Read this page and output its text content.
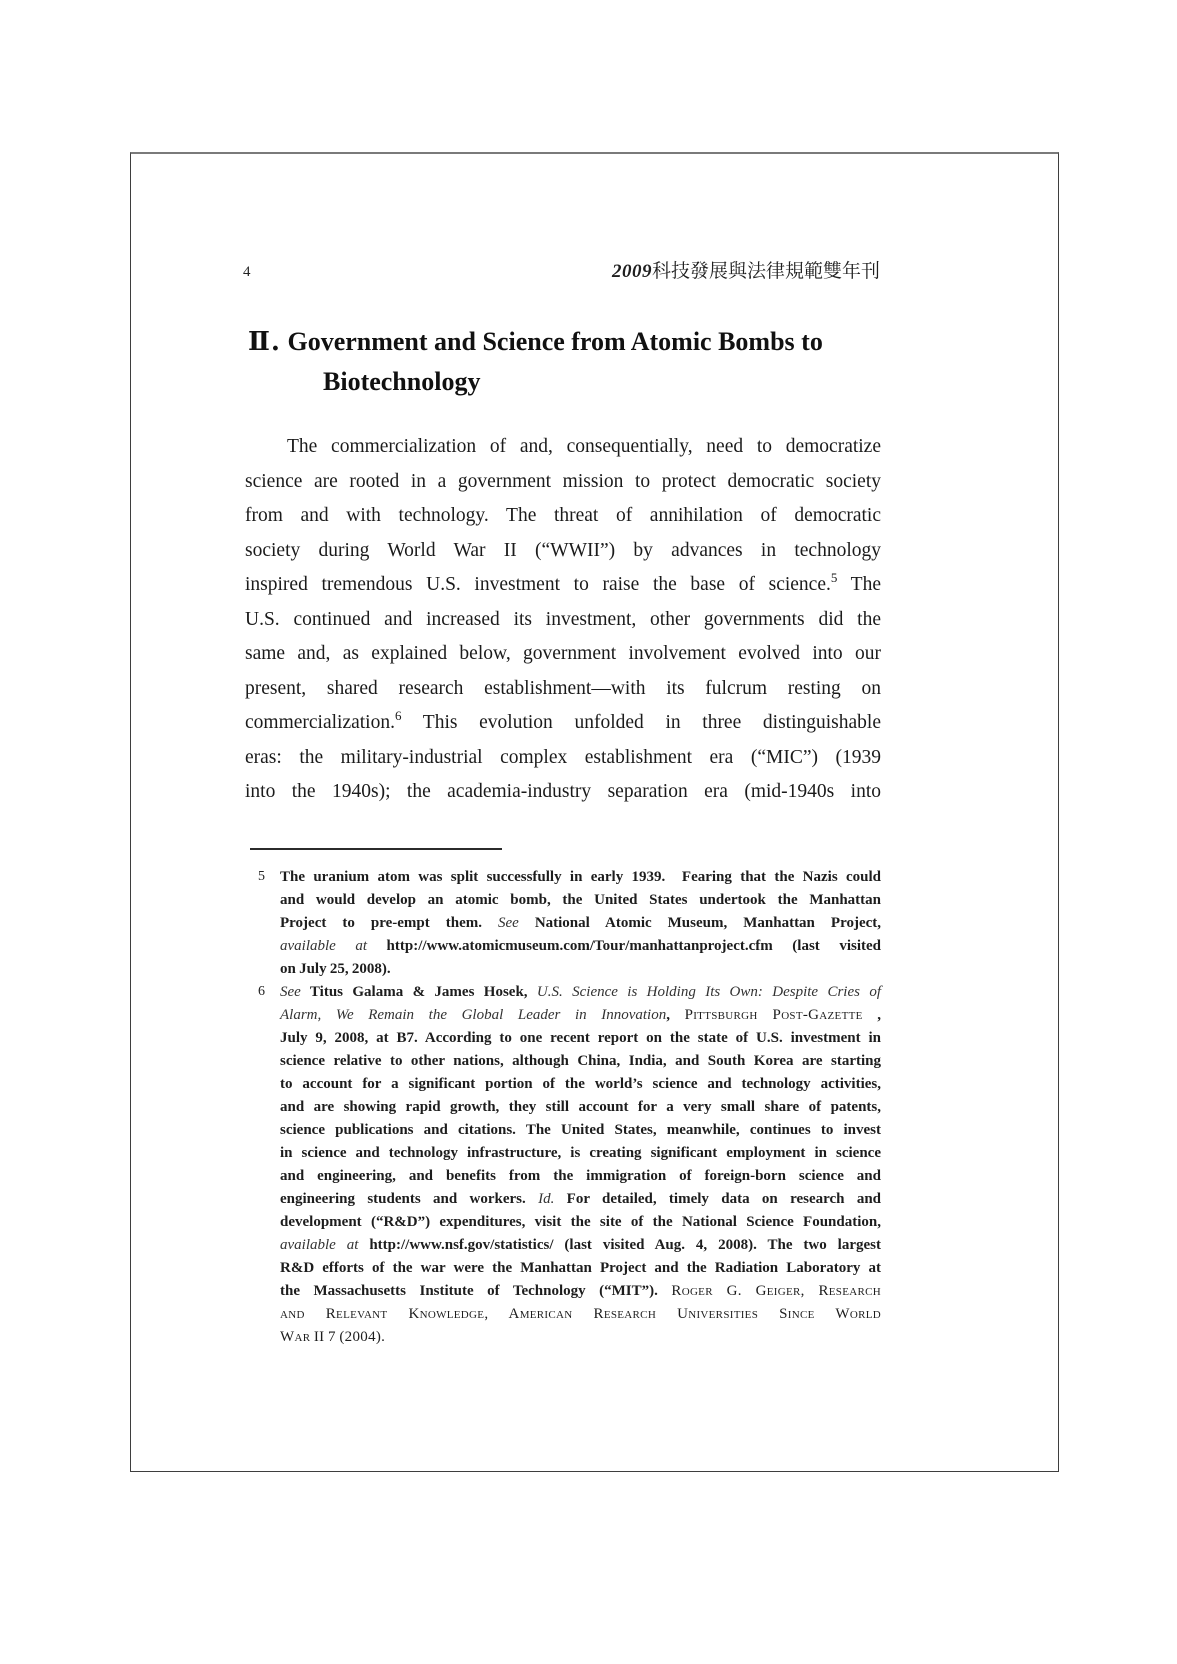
4	2009科技發展與法律規範雙年刊
Ⅱ. Government and Science from Atomic Bombs to
Biotechnology
The commercialization of and, consequentially, need to democratize
science are rooted in a government mission to protect democratic society
from and with technology. The threat of annihilation of democratic
society during World War II (“WWII”) by advances in technology
inspired tremendous U.S. investment to raise the base of science.$^5$ The
U.S. continued and increased its investment, other governments did the
same and, as explained below, government involvement evolved into our
present, shared research establishment—with its fulcrum resting on
commercialization.$^6$ This evolution unfolded in three distinguishable
eras: the military-industrial complex establishment era (“MIC”) (1939
into the 1940s); the academia-industry separation era (mid-1940s into
5	The uranium atom was split successfully in early 1939.  Fearing that the Nazis could
and would develop an atomic bomb, the United States undertook the Manhattan
Project to pre-empt them. See National Atomic Museum, Manhattan Project,
available at http://www.atomicmuseum.com/Tour/manhattanproject.cfm (last visited
on July 25, 2008).
6	See Titus Galama & James Hosek, U.S. Science is Holding Its Own: Despite Cries of
Alarm, We Remain the Global Leader in Innovation, Pittsburgh Post-Gazette ,
July 9, 2008, at B7. According to one recent report on the state of U.S. investment in
science relative to other nations, although China, India, and South Korea are starting
to account for a significant portion of the world’s science and technology activities,
and are showing rapid growth, they still account for a very small share of patents,
science publications and citations. The United States, meanwhile, continues to invest
in science and technology infrastructure, is creating significant employment in science
and engineering, and benefits from the immigration of foreign-born science and
engineering students and workers. Id. For detailed, timely data on research and
development (“R&D”) expenditures, visit the site of the National Science Foundation,
available at http://www.nsf.gov/statistics/ (last visited Aug. 4, 2008). The two largest
R&D efforts of the war were the Manhattan Project and the Radiation Laboratory at
the Massachusetts Institute of Technology (“MIT”). Roger G. Geiger, Research
and Relevant Knowledge, American Research Universities Since World
War II 7 (2004).
